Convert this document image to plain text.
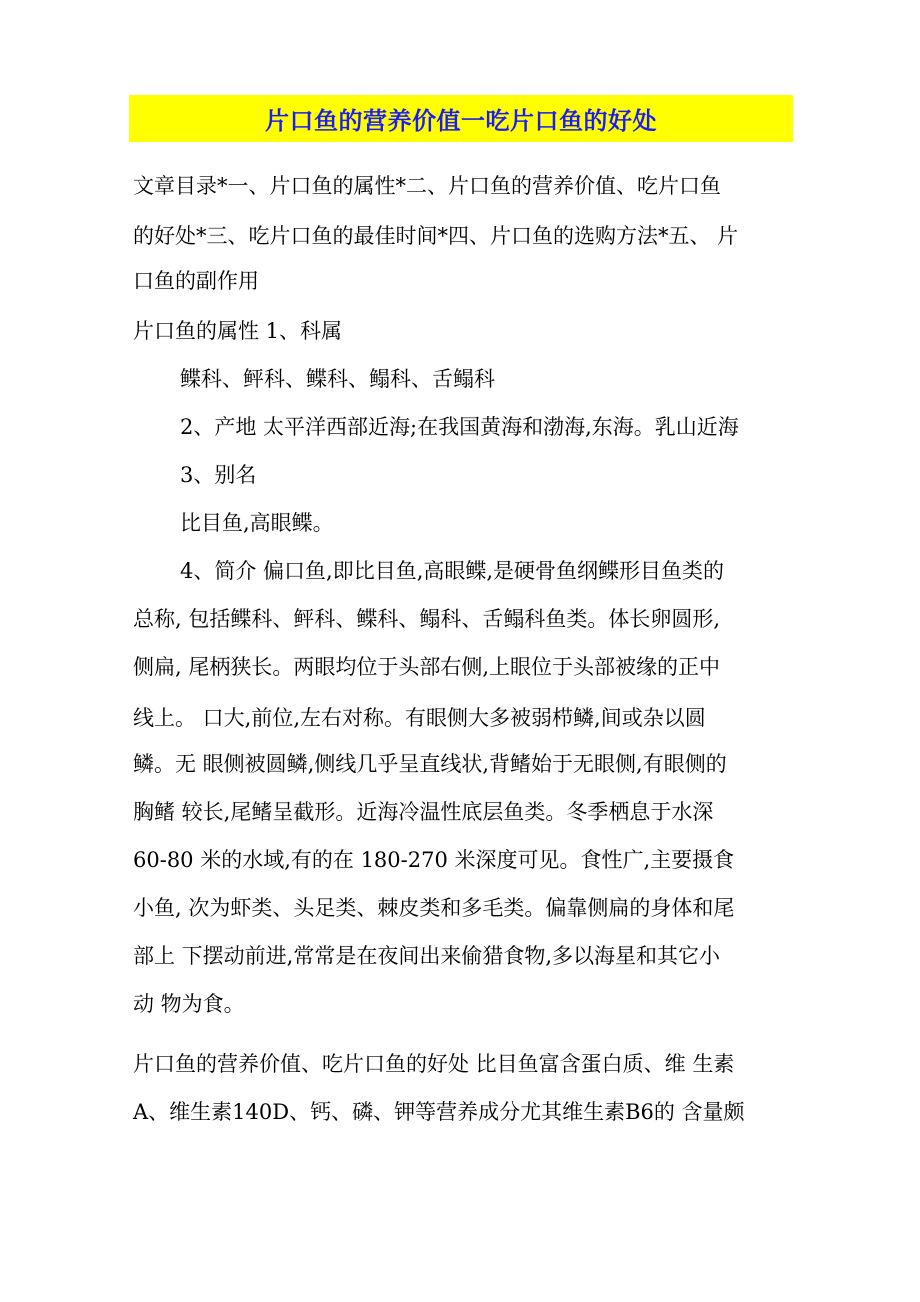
片口鱼的营养价值一吃片口鱼的好处
文章目录*一、片口鱼的属性*二、片口鱼的营养价值、吃片口鱼
的好处*三、吃片口鱼的最佳时间*四、片口鱼的选购方法*五、 片
口鱼的副作用
片口鱼的属性 1、科属
鲽科、鲆科、鲽科、鳎科、舌鳎科
2、产地 太平洋西部近海;在我国黄海和渤海,东海。乳山近海
3、别名
比目鱼,高眼鲽。
4、简介 偏口鱼,即比目鱼,高眼鲽,是硬骨鱼纲鲽形目鱼类的
总称, 包括鲽科、鲆科、鲽科、鳎科、舌鳎科鱼类。体长卵圆形,
侧扁, 尾柄狭长。两眼均位于头部右侧,上眼位于头部被缘的正中
线上。 口大,前位,左右对称。有眼侧大多被弱栉鳞,间或杂以圆
鳞。无 眼侧被圆鳞,侧线几乎呈直线状,背鳍始于无眼侧,有眼侧的
胸鳍 较长,尾鳍呈截形。近海冷温性底层鱼类。冬季栖息于水深
60-80 米的水域,有的在 180-270 米深度可见。食性广,主要摄食
小鱼, 次为虾类、头足类、棘皮类和多毛类。偏靠侧扁的身体和尾
部上 下摆动前进,常常是在夜间出来偷猎食物,多以海星和其它小
动 物为食。
片口鱼的营养价值、吃片口鱼的好处 比目鱼富含蛋白质、维 生素
A、维生素140D、钙、磷、钾等营养成分尤其维生素B6的 含量颇
